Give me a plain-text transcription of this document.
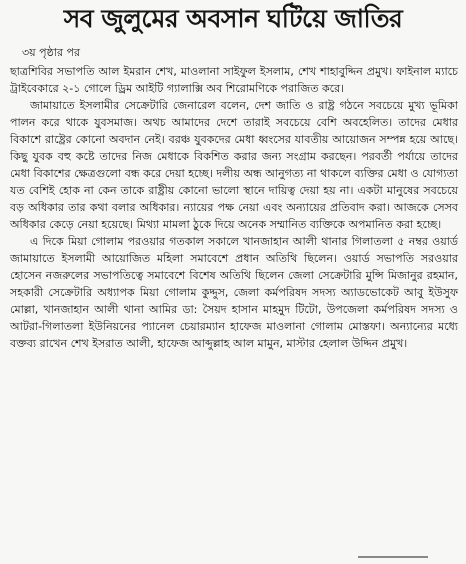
সব জুলুমের অবসান ঘটিয়ে জাতির
৩য় পৃষ্ঠার পর

ছাত্রশিবির সভাপতি আল ইমরান শেখ, মাওলানা সাইফুল ইসলাম, শেখ শাহাবুদ্দিন প্রমুখ। ফাইনাল ম্যাচে ট্রাইবেকারে ২-১ গোলে ড্রিম আইটি গ্যালাক্সি অব শিরোমণিকে পরাজিত করে।

জামায়াতে ইসলামীর সেক্রেটারি জেনারেল বলেন, দেশ জাতি ও রাষ্ট্র গঠনে সবচেয়ে মুখ্য ভূমিকা পালন করে থাকে যুবসমাজ। অথচ আমাদের দেশে তারাই সবচেয়ে বেশি অবহেলিত। তাদের মেধার বিকাশে রাষ্ট্রের কোনো অবদান নেই। বরঞ্চ যুবকদের মেধা ধ্বংসের যাবতীয় আয়োজন সম্পন্ন হয়ে আছে। কিছু যুবক বহু কষ্টে তাদের নিজ মেধাকে বিকশিত করার জন্য সংগ্রাম করছেন। পরবর্তী পর্যায়ে তাদের মেধা বিকাশের ক্ষেত্রগুলো বন্ধ করে দেয়া হচ্ছে। দলীয় অন্ধ আনুগত্য না থাকলে ব্যক্তির মেধা ও যোগ্যতা যত বেশিই হোক না কেন তাকে রাষ্ট্রীয় কোনো ভালো স্থানে দায়িত্ব দেয়া হয় না। একটা মানুষের সবচেয়ে বড় অধিকার তার কথা বলার অধিকার। ন্যায়ের পক্ষ নেয়া এবং অন্যায়ের প্রতিবাদ করা। আজকে সেসব অধিকার কেড়ে নেয়া হয়েছে। মিথ্যা মামলা ঠুকে দিয়ে অনেক সম্মানিত ব্যক্তিকে অপমানিত করা হচ্ছে।

এ দিকে মিয়া গোলাম পরওয়ার গতকাল সকালে খানজাহান আলী থানার গিলাতলা ৫ নম্বর ওয়ার্ড জামায়াতে ইসলামী আয়োজিত মহিলা সমাবেশে প্রধান অতিথি ছিলেন। ওয়ার্ড সভাপতি সরওয়ার হোসেন নজরুলের সভাপতিত্বে সমাবেশে বিশেষ অতিথি ছিলেন জেলা সেক্রেটারি মুন্সি মিজানুর রহমান, সহকারী সেক্রেটারি অধ্যাপক মিয়া গোলাম কুদ্দুস, জেলা কর্মপরিষদ সদস্য অ্যাডভোকেট আবু ইউসুফ মোল্লা, খানজাহান আলী থানা আমির ডা: সৈয়দ হাসান মাহমুদ টিটো, উপজেলা কর্মপরিষদ সদস্য ও আটরা-গিলাতলা ইউনিয়নের প্যানেল চেয়ারম্যান হাফেজ মাওলানা গোলাম মোস্তফা। অন্যান্যের মধ্যে বক্তব্য রাখেন শেখ ইসরাত আলী, হাফেজ আব্দুল্লাহ আল মামুন, মাস্টার হেলাল উদ্দিন প্রমুখ।
